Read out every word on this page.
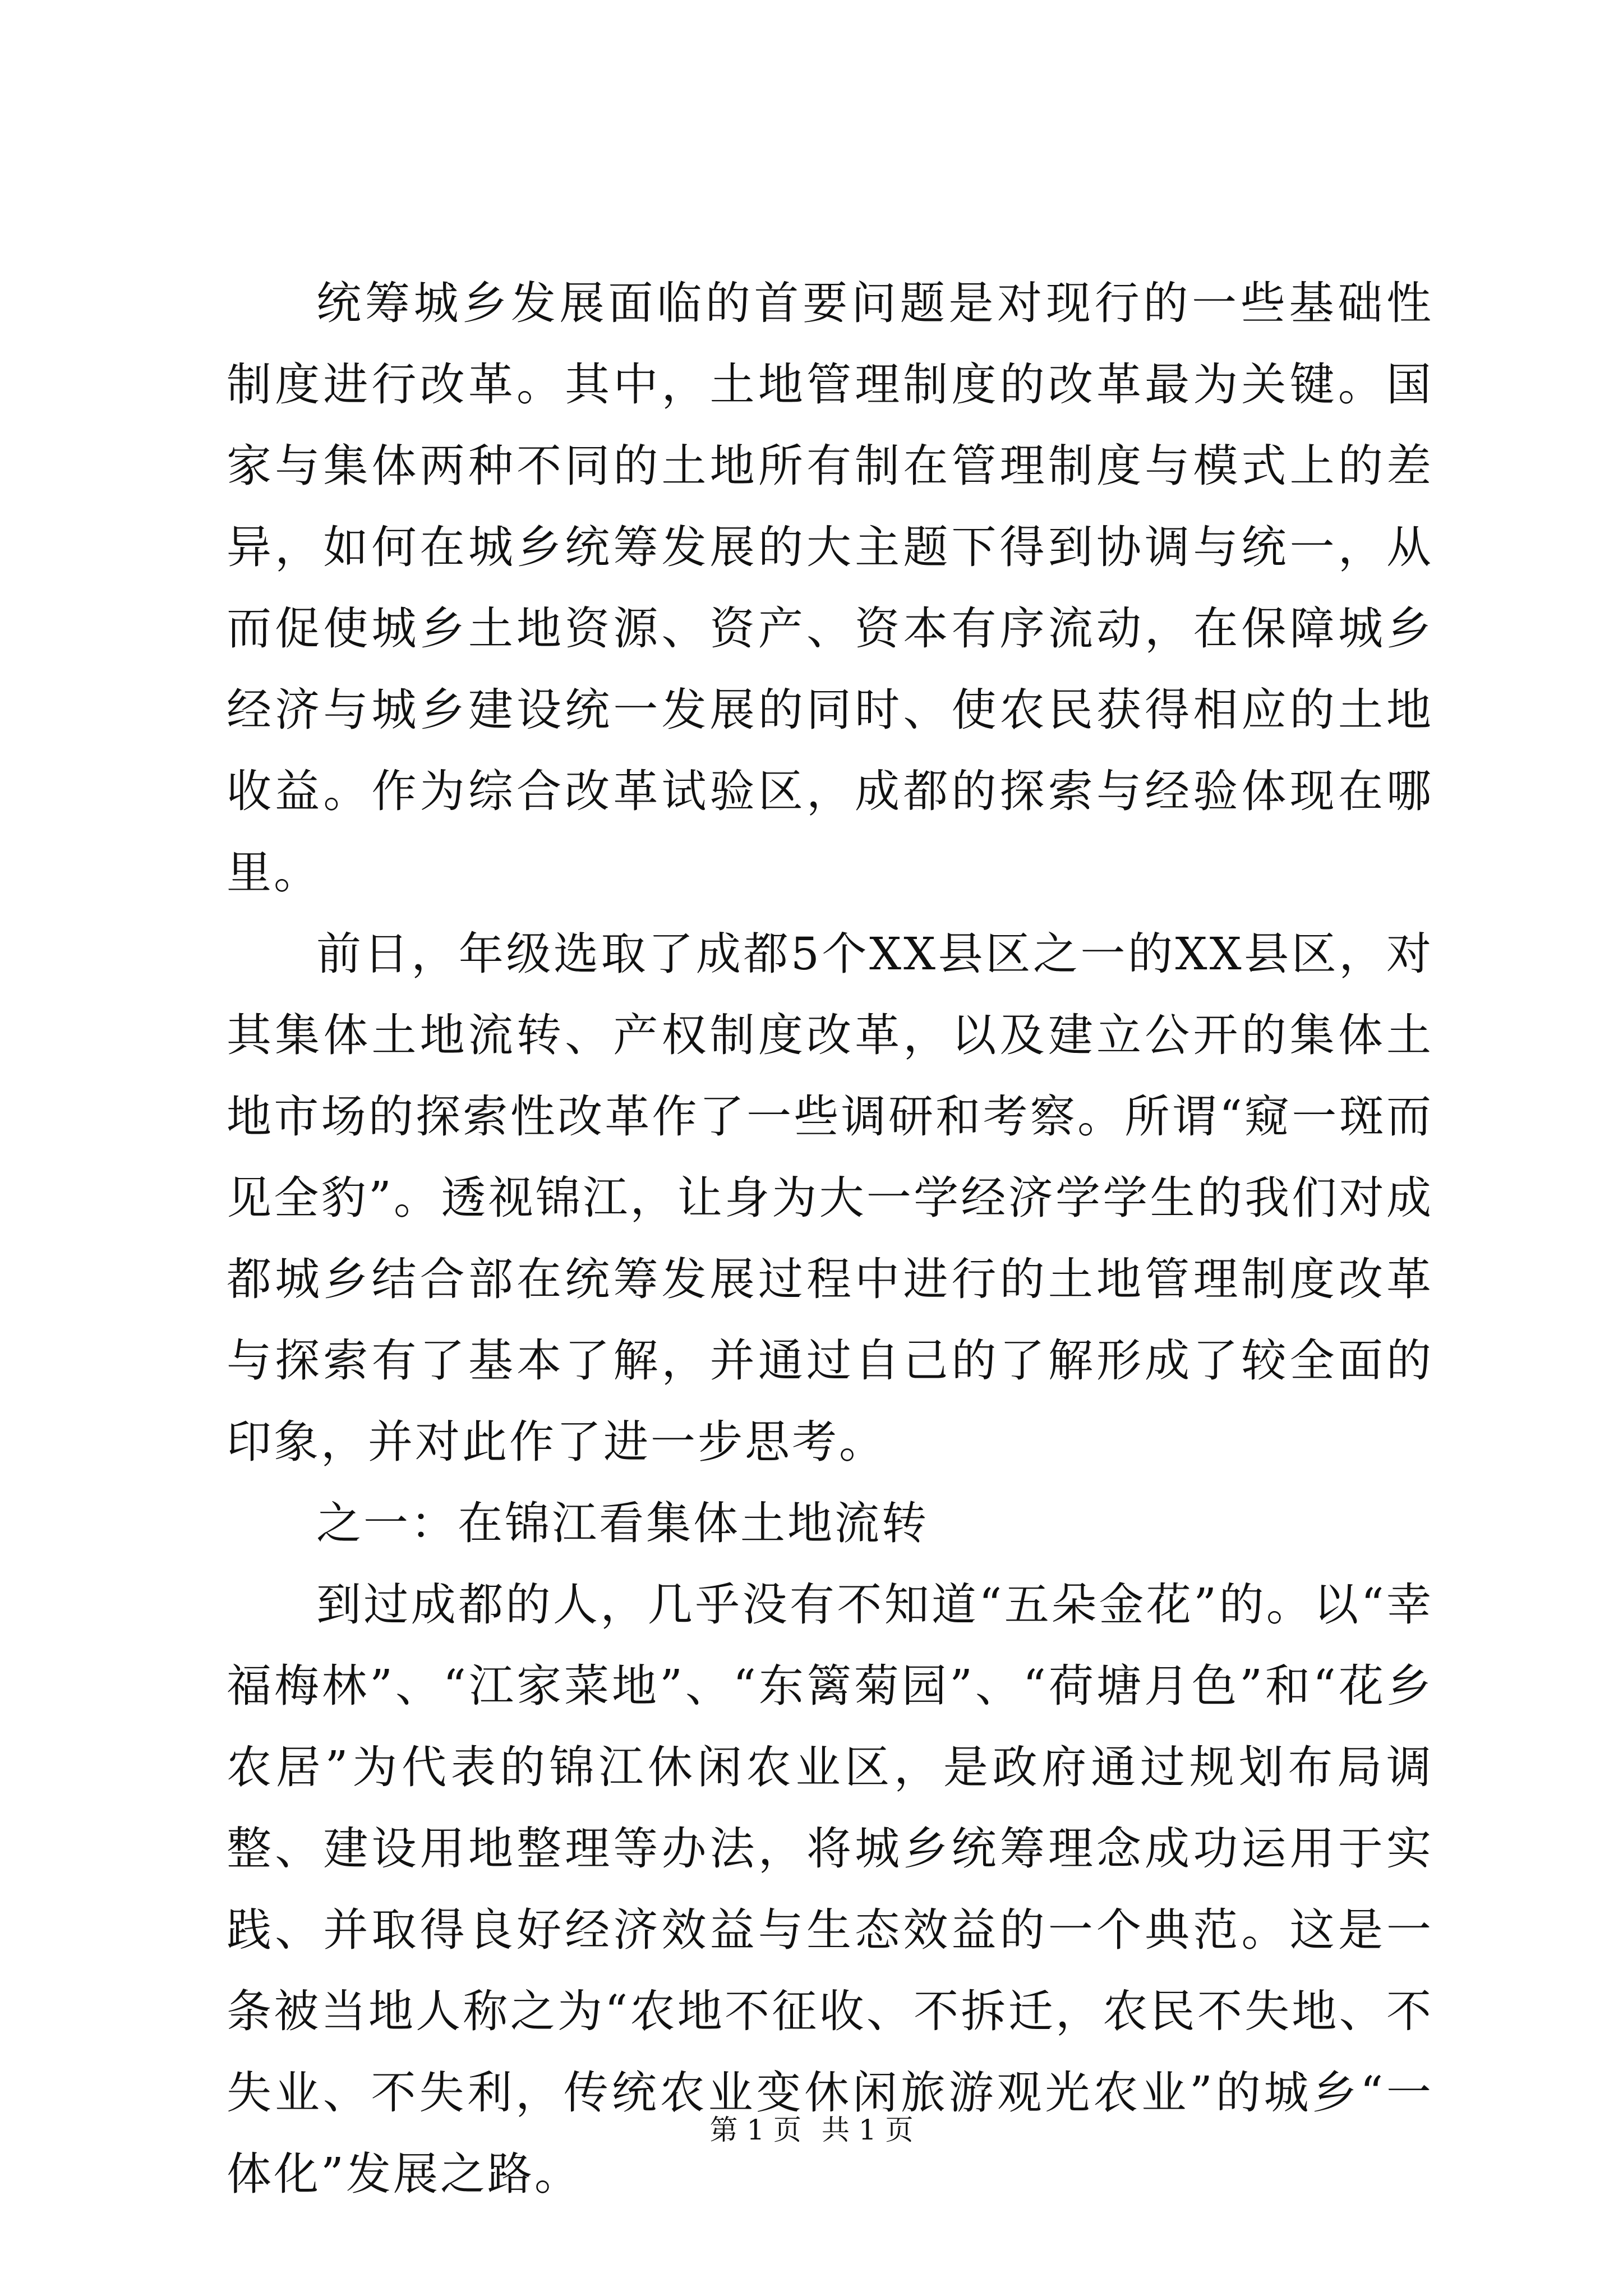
统筹城乡发展面临的首要问题是对现行的一些基础性制度进行改革。其中，土地管理制度的改革最为关键。国家与集体两种不同的土地所有制在管理制度与模式上的差异，如何在城乡统筹发展的大主题下得到协调与统一，从而促使城乡土地资源、资产、资本有序流动，在保障城乡经济与城乡建设统一发展的同时、使农民获得相应的土地收益。作为综合改革试验区，成都的探索与经验体现在哪里。

前日，年级选取了成都5个XX县区之一的XX县区，对其集体土地流转、产权制度改革，以及建立公开的集体土地市场的探索性改革作了一些调研和考察。所谓“窥一斑而见全豹”。透视锦江，让身为大一学经济学学生的我们对成都城乡结合部在统筹发展过程中进行的土地管理制度改革与探索有了基本了解，并通过自己的了解形成了较全面的印象，并对此作了进一步思考。

之一：在锦江看集体土地流转

到过成都的人，几乎没有不知道“五朵金花”的。以“幸福梅林”、“江家菜地”、“东篱菊园”、“荷塘月色”和“花乡农居”为代表的锦江休闲农业区，是政府通过规划布局调整、建设用地整理等办法，将城乡统筹理念成功运用于实践、并取得良好经济效益与生态效益的一个典范。这是一条被当地人称之为“农地不征收、不拆迁，农民不失地、不失业、不失利，传统农业变休闲旅游观光农业”的城乡“一体化”发展之路。

第 1 页 共 1 页
